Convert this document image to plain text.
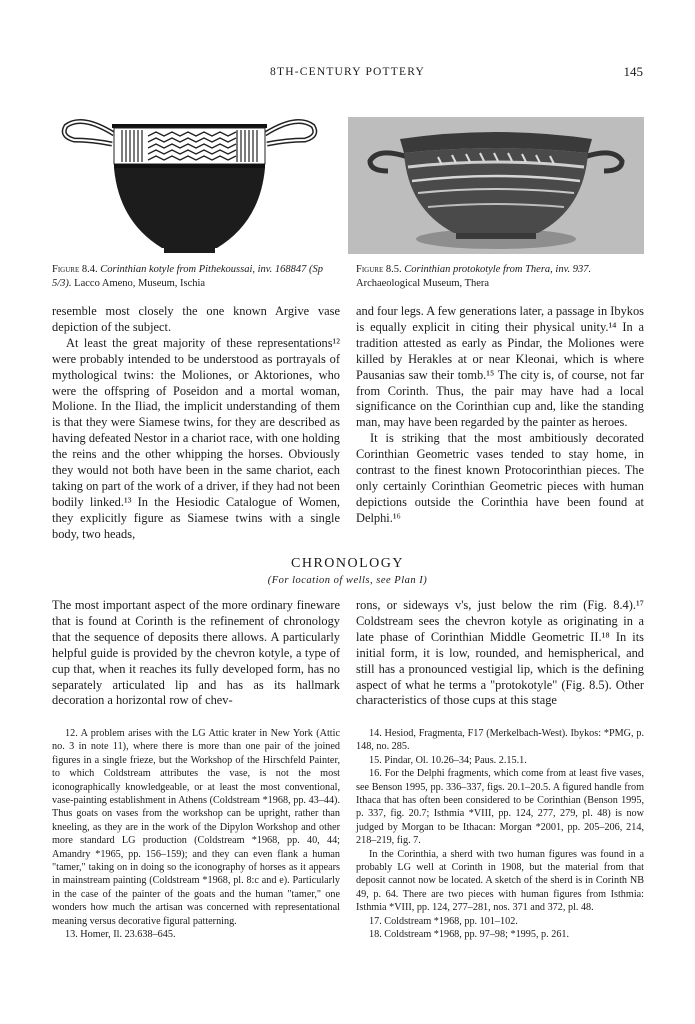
8TH-CENTURY POTTERY	145
Figure 8.4. Corinthian kotyle from Pithekoussai, inv. 168847 (Sp 5/3). Lacco Ameno, Museum, Ischia
Figure 8.5. Corinthian protokotyle from Thera, inv. 937.
Archaeological Museum, Thera

resemble most closely the one known Argive vase depiction of the subject.

At least the great majority of these representations¹² were probably intended to be understood as portrayals of mythological twins: the Moliones, or Aktoriones, who were the offspring of Poseidon and a mortal woman, Molione. In the Iliad, the implicit understanding of them is that they were Siamese twins, for they are described as having defeated Nestor in a chariot race, with one holding the reins and the other whipping the horses. Obviously they would not both have been in the same chariot, each taking on part of the work of a driver, if they had not been bodily linked.¹³ In the Hesiodic Catalogue of Women, they explicitly figure as Siamese twins with a single body, two heads,

and four legs. A few generations later, a passage in Ibykos is equally explicit in citing their physical unity.¹⁴ In a tradition attested as early as Pindar, the Moliones were killed by Herakles at or near Kleonai, which is where Pausanias saw their tomb.¹⁵ The city is, of course, not far from Corinth. Thus, the pair may have had a local significance on the Corinthian cup and, like the standing man, may have been regarded by the painter as heroes.

It is striking that the most ambitiously decorated Corinthian Geometric vases tended to stay home, in contrast to the finest known Protocorinthian pieces. The only certainly Corinthian Geometric pieces with human depictions outside the Corinthia have been found at Delphi.¹⁶

CHRONOLOGY
(For location of wells, see Plan I)

The most important aspect of the more ordinary fineware that is found at Corinth is the refinement of chronology that the sequence of deposits there allows. A particularly helpful guide is provided by the chevron kotyle, a type of cup that, when it reaches its fully developed form, has no separately articulated lip and has as its hallmark decoration a horizontal row of chev-

rons, or sideways v's, just below the rim (Fig. 8.4).¹⁷ Coldstream sees the chevron kotyle as originating in a late phase of Corinthian Middle Geometric II.¹⁸ In its initial form, it is low, rounded, and hemispherical, and still has a pronounced vestigial lip, which is the defining aspect of what he terms a "protokotyle" (Fig. 8.5). Other characteristics of those cups at this stage

12. A problem arises with the LG Attic krater in New York (Attic no. 3 in note 11), where there is more than one pair of the joined figures in a single frieze, but the Workshop of the Hirschfeld Painter, to which Coldstream attributes the vase, is not the most iconographically knowledgeable, or at least the most conventional, vase-painting establishment in Athens (Coldstream *1968, pp. 43–44). Thus goats on vases from the workshop can be upright, rather than kneeling, as they are in the work of the Dipylon Workshop and other more standard LG production (Coldstream *1968, pp. 40, 44; Amandry *1965, pp. 156–159); and they can even flank a human "tamer," taking on in doing so the iconography of horses as it appears in mainstream painting (Coldstream *1968, pl. 8:c and e). Particularly in the case of the painter of the goats and the human "tamer," one wonders how much the artisan was concerned with representational meaning versus decorative figural patterning.

13. Homer, Il. 23.638–645.

14. Hesiod, Fragmenta, F17 (Merkelbach-West). Ibykos: *PMG, p. 148, no. 285.

15. Pindar, Ol. 10.26–34; Paus. 2.15.1.

16. For the Delphi fragments, which come from at least five vases, see Benson 1995, pp. 336–337, figs. 20.1–20.5. A figured handle from Ithaca that has often been considered to be Corinthian (Benson 1995, p. 337, fig. 20.7; Isthmia *VIII, pp. 124, 277, 279, pl. 48) is now judged by Morgan to be Ithacan: Morgan *2001, pp. 205–206, 214, 218–219, fig. 7.

In the Corinthia, a sherd with two human figures was found in a probably LG well at Corinth in 1908, but the material from that deposit cannot now be located. A sketch of the sherd is in Corinth NB 49, p. 64. There are two pieces with human figures from Isthmia: Isthmia *VIII, pp. 124, 277–281, nos. 371 and 372, pl. 48.

17. Coldstream *1968, pp. 101–102.

18. Coldstream *1968, pp. 97–98; *1995, p. 261.
